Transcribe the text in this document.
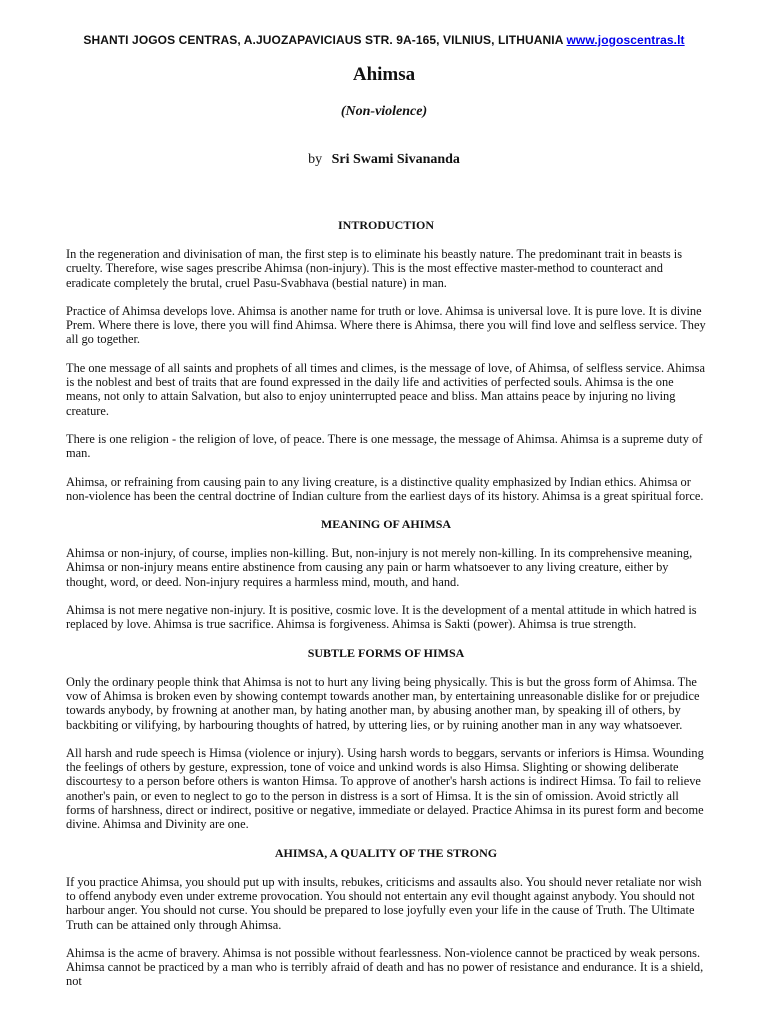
SHANTI JOGOS CENTRAS, A.JUOZAPAVICIAUS STR. 9A-165, VILNIUS, LITHUANIA www.jogoscentras.lt
Ahimsa
(Non-violence)
by Sri Swami Sivananda
INTRODUCTION

In the regeneration and divinisation of man, the first step is to eliminate his beastly nature. The predominant trait in beasts is cruelty. Therefore, wise sages prescribe Ahimsa (non-injury). This is the most effective master-method to counteract and eradicate completely the brutal, cruel Pasu-Svabhava (bestial nature) in man.

Practice of Ahimsa develops love. Ahimsa is another name for truth or love. Ahimsa is universal love. It is pure love. It is divine Prem. Where there is love, there you will find Ahimsa. Where there is Ahimsa, there you will find love and selfless service. They all go together.

The one message of all saints and prophets of all times and climes, is the message of love, of Ahimsa, of selfless service. Ahimsa is the noblest and best of traits that are found expressed in the daily life and activities of perfected souls. Ahimsa is the one means, not only to attain Salvation, but also to enjoy uninterrupted peace and bliss. Man attains peace by injuring no living creature.

There is one religion - the religion of love, of peace. There is one message, the message of Ahimsa. Ahimsa is a supreme duty of man.

Ahimsa, or refraining from causing pain to any living creature, is a distinctive quality emphasized by Indian ethics. Ahimsa or non-violence has been the central doctrine of Indian culture from the earliest days of its history. Ahimsa is a great spiritual force.

MEANING OF AHIMSA

Ahimsa or non-injury, of course, implies non-killing. But, non-injury is not merely non-killing. In its comprehensive meaning, Ahimsa or non-injury means entire abstinence from causing any pain or harm whatsoever to any living creature, either by thought, word, or deed. Non-injury requires a harmless mind, mouth, and hand.

Ahimsa is not mere negative non-injury. It is positive, cosmic love. It is the development of a mental attitude in which hatred is replaced by love. Ahimsa is true sacrifice. Ahimsa is forgiveness. Ahimsa is Sakti (power). Ahimsa is true strength.

SUBTLE FORMS OF HIMSA

Only the ordinary people think that Ahimsa is not to hurt any living being physically. This is but the gross form of Ahimsa. The vow of Ahimsa is broken even by showing contempt towards another man, by entertaining unreasonable dislike for or prejudice towards anybody, by frowning at another man, by hating another man, by abusing another man, by speaking ill of others, by backbiting or vilifying, by harbouring thoughts of hatred, by uttering lies, or by ruining another man in any way whatsoever.

All harsh and rude speech is Himsa (violence or injury). Using harsh words to beggars, servants or inferiors is Himsa. Wounding the feelings of others by gesture, expression, tone of voice and unkind words is also Himsa. Slighting or showing deliberate discourtesy to a person before others is wanton Himsa. To approve of another's harsh actions is indirect Himsa. To fail to relieve another's pain, or even to neglect to go to the person in distress is a sort of Himsa. It is the sin of omission. Avoid strictly all forms of harshness, direct or indirect, positive or negative, immediate or delayed. Practice Ahimsa in its purest form and become divine. Ahimsa and Divinity are one.

AHIMSA, A QUALITY OF THE STRONG

If you practice Ahimsa, you should put up with insults, rebukes, criticisms and assaults also. You should never retaliate nor wish to offend anybody even under extreme provocation. You should not entertain any evil thought against anybody. You should not harbour anger. You should not curse. You should be prepared to lose joyfully even your life in the cause of Truth. The Ultimate Truth can be attained only through Ahimsa.

Ahimsa is the acme of bravery. Ahimsa is not possible without fearlessness. Non-violence cannot be practiced by weak persons. Ahimsa cannot be practiced by a man who is terribly afraid of death and has no power of resistance and endurance. It is a shield, not
